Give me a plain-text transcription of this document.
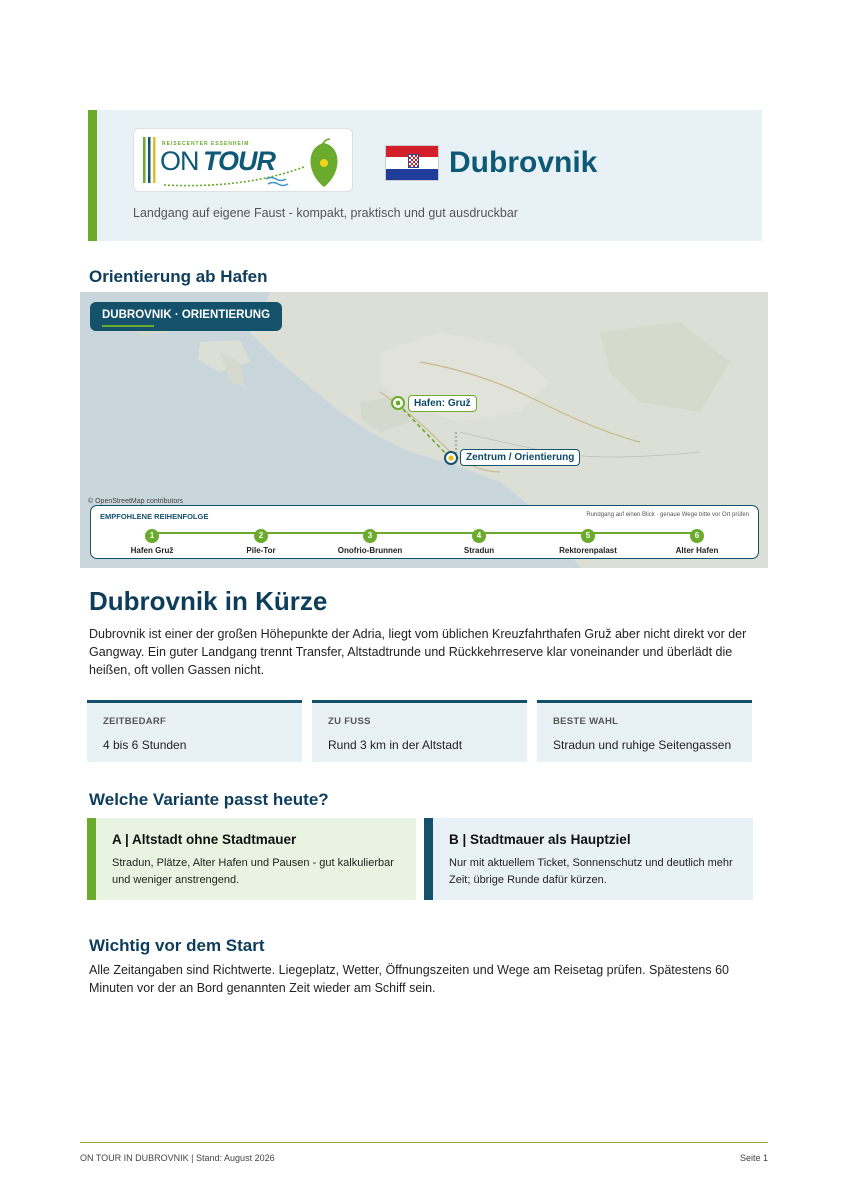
REISECENTER ESSENHEIM
ON TOUR	Dubrovnik
Landgang auf eigene Faust - kompakt, praktisch und gut ausdruckbar
Orientierung ab Hafen
DUBROVNIK · ORIENTIERUNG
Hafen: Gruž
Zentrum / Orientierung
© OpenStreetMap contributors
EMPFOHLENE REIHENFOLGE	Rundgang auf einen Blick · genaue Wege bitte vor Ort prüfen
1
Hafen Gruž
2
Pile-Tor
3
Onofrio-Brunnen
4
Stradun
5
Rektorenpalast
6
Alter Hafen
Dubrovnik in Kürze
Dubrovnik ist einer der großen Höhepunkte der Adria, liegt vom üblichen Kreuzfahrthafen Gruž aber nicht direkt vor der Gangway. Ein guter Landgang trennt Transfer, Altstadtrunde und Rückkehrreserve klar voneinander und überlädt die heißen, oft vollen Gassen nicht.
ZEITBEDARF
4 bis 6 Stunden
ZU FUSS
Rund 3 km in der Altstadt
BESTE WAHL
Stradun und ruhige Seitengassen
Welche Variante passt heute?
A | Altstadt ohne Stadtmauer
Stradun, Plätze, Alter Hafen und Pausen - gut kalkulierbar und weniger anstrengend.
B | Stadtmauer als Hauptziel
Nur mit aktuellem Ticket, Sonnenschutz und deutlich mehr Zeit; übrige Runde dafür kürzen.
Wichtig vor dem Start
Alle Zeitangaben sind Richtwerte. Liegeplatz, Wetter, Öffnungszeiten und Wege am Reisetag prüfen. Spätestens 60 Minuten vor der an Bord genannten Zeit wieder am Schiff sein.
ON TOUR IN DUBROVNIK | Stand: August 2026	Seite 1
